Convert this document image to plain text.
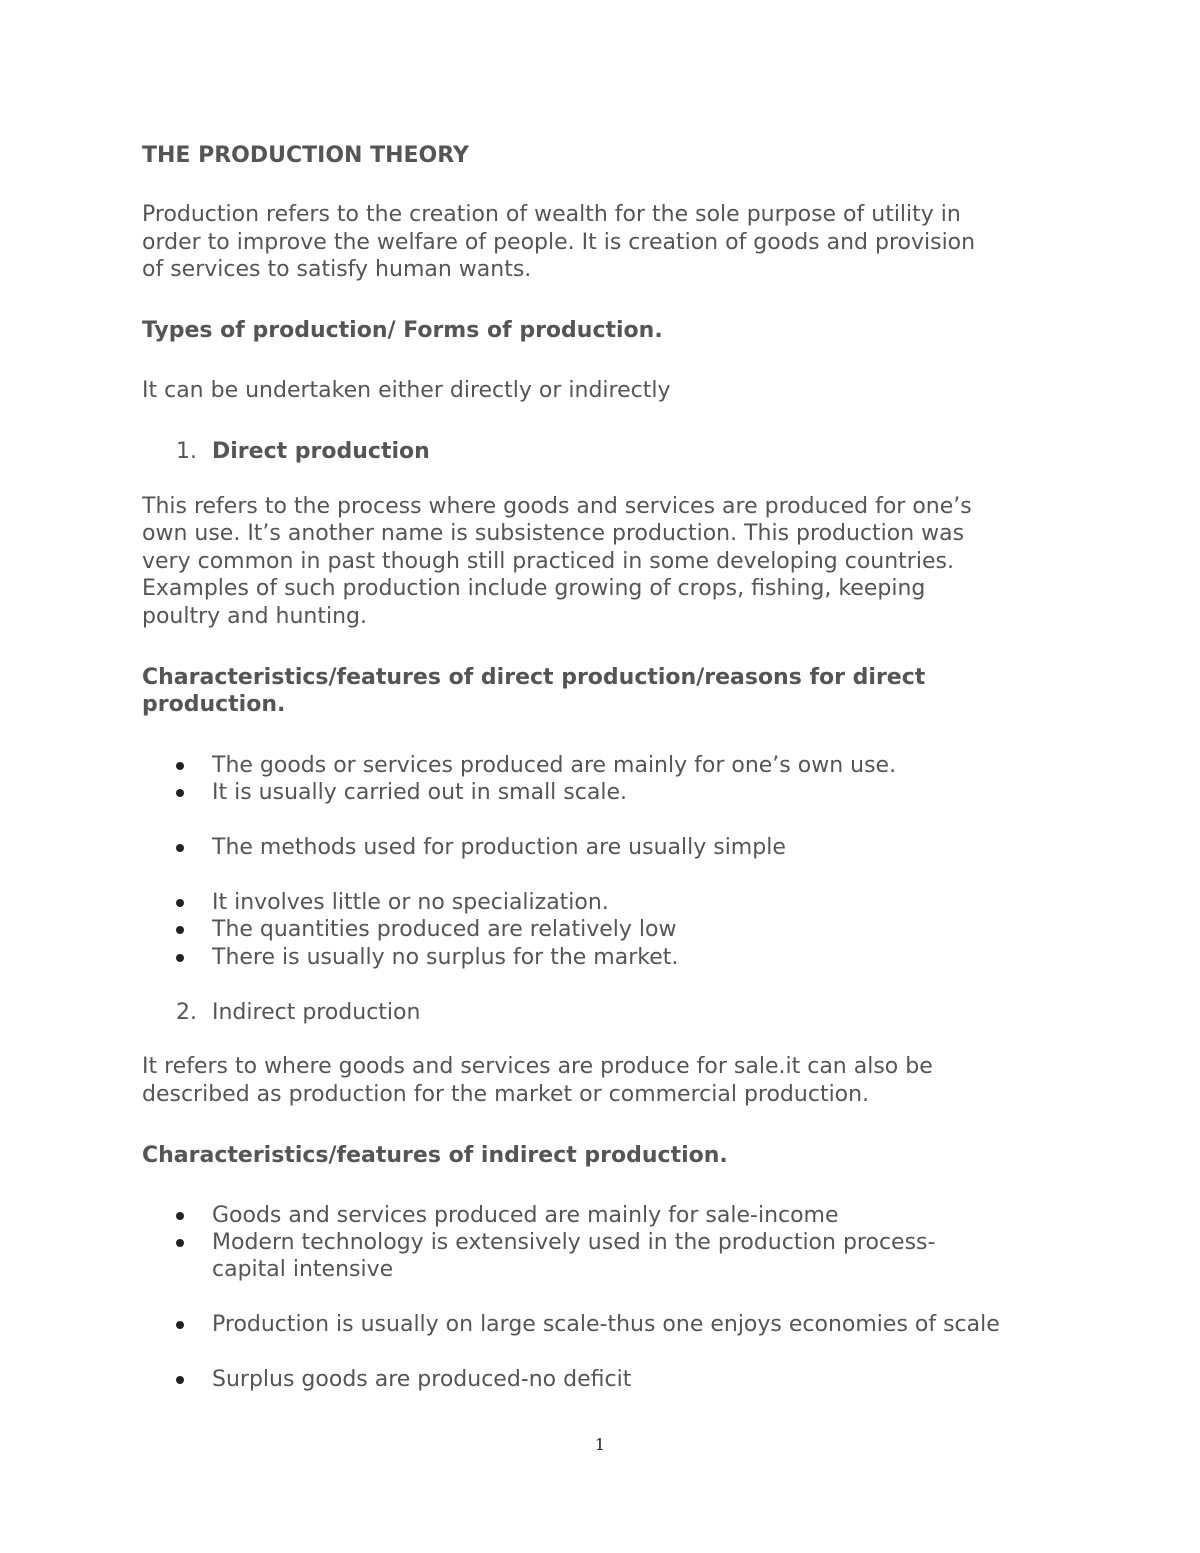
THE PRODUCTION THEORY

Production refers to the creation of wealth for the sole purpose of utility in

order to improve the welfare of people. It is creation of goods and provision

of services to satisfy human wants.

Types of production/ Forms of production.

It can be undertaken either directly or indirectly

1. Direct production

This refers to the process where goods and services are produced for one’s

own use. It’s another name is subsistence production. This production was

very common in past though still practiced in some developing countries.

Examples of such production include growing of crops, fishing, keeping

poultry and hunting.

Characteristics/features of direct production/reasons for direct

production.

The goods or services produced are mainly for one’s own use.

It is usually carried out in small scale.

The methods used for production are usually simple

It involves little or no specialization.

The quantities produced are relatively low

There is usually no surplus for the market.

2. Indirect production

It refers to where goods and services are produce for sale.it can also be

described as production for the market or commercial production.

Characteristics/features of indirect production.

Goods and services produced are mainly for sale-income

Modern technology is extensively used in the production process-

capital intensive

Production is usually on large scale-thus one enjoys economies of scale

Surplus goods are produced-no deficit

1
